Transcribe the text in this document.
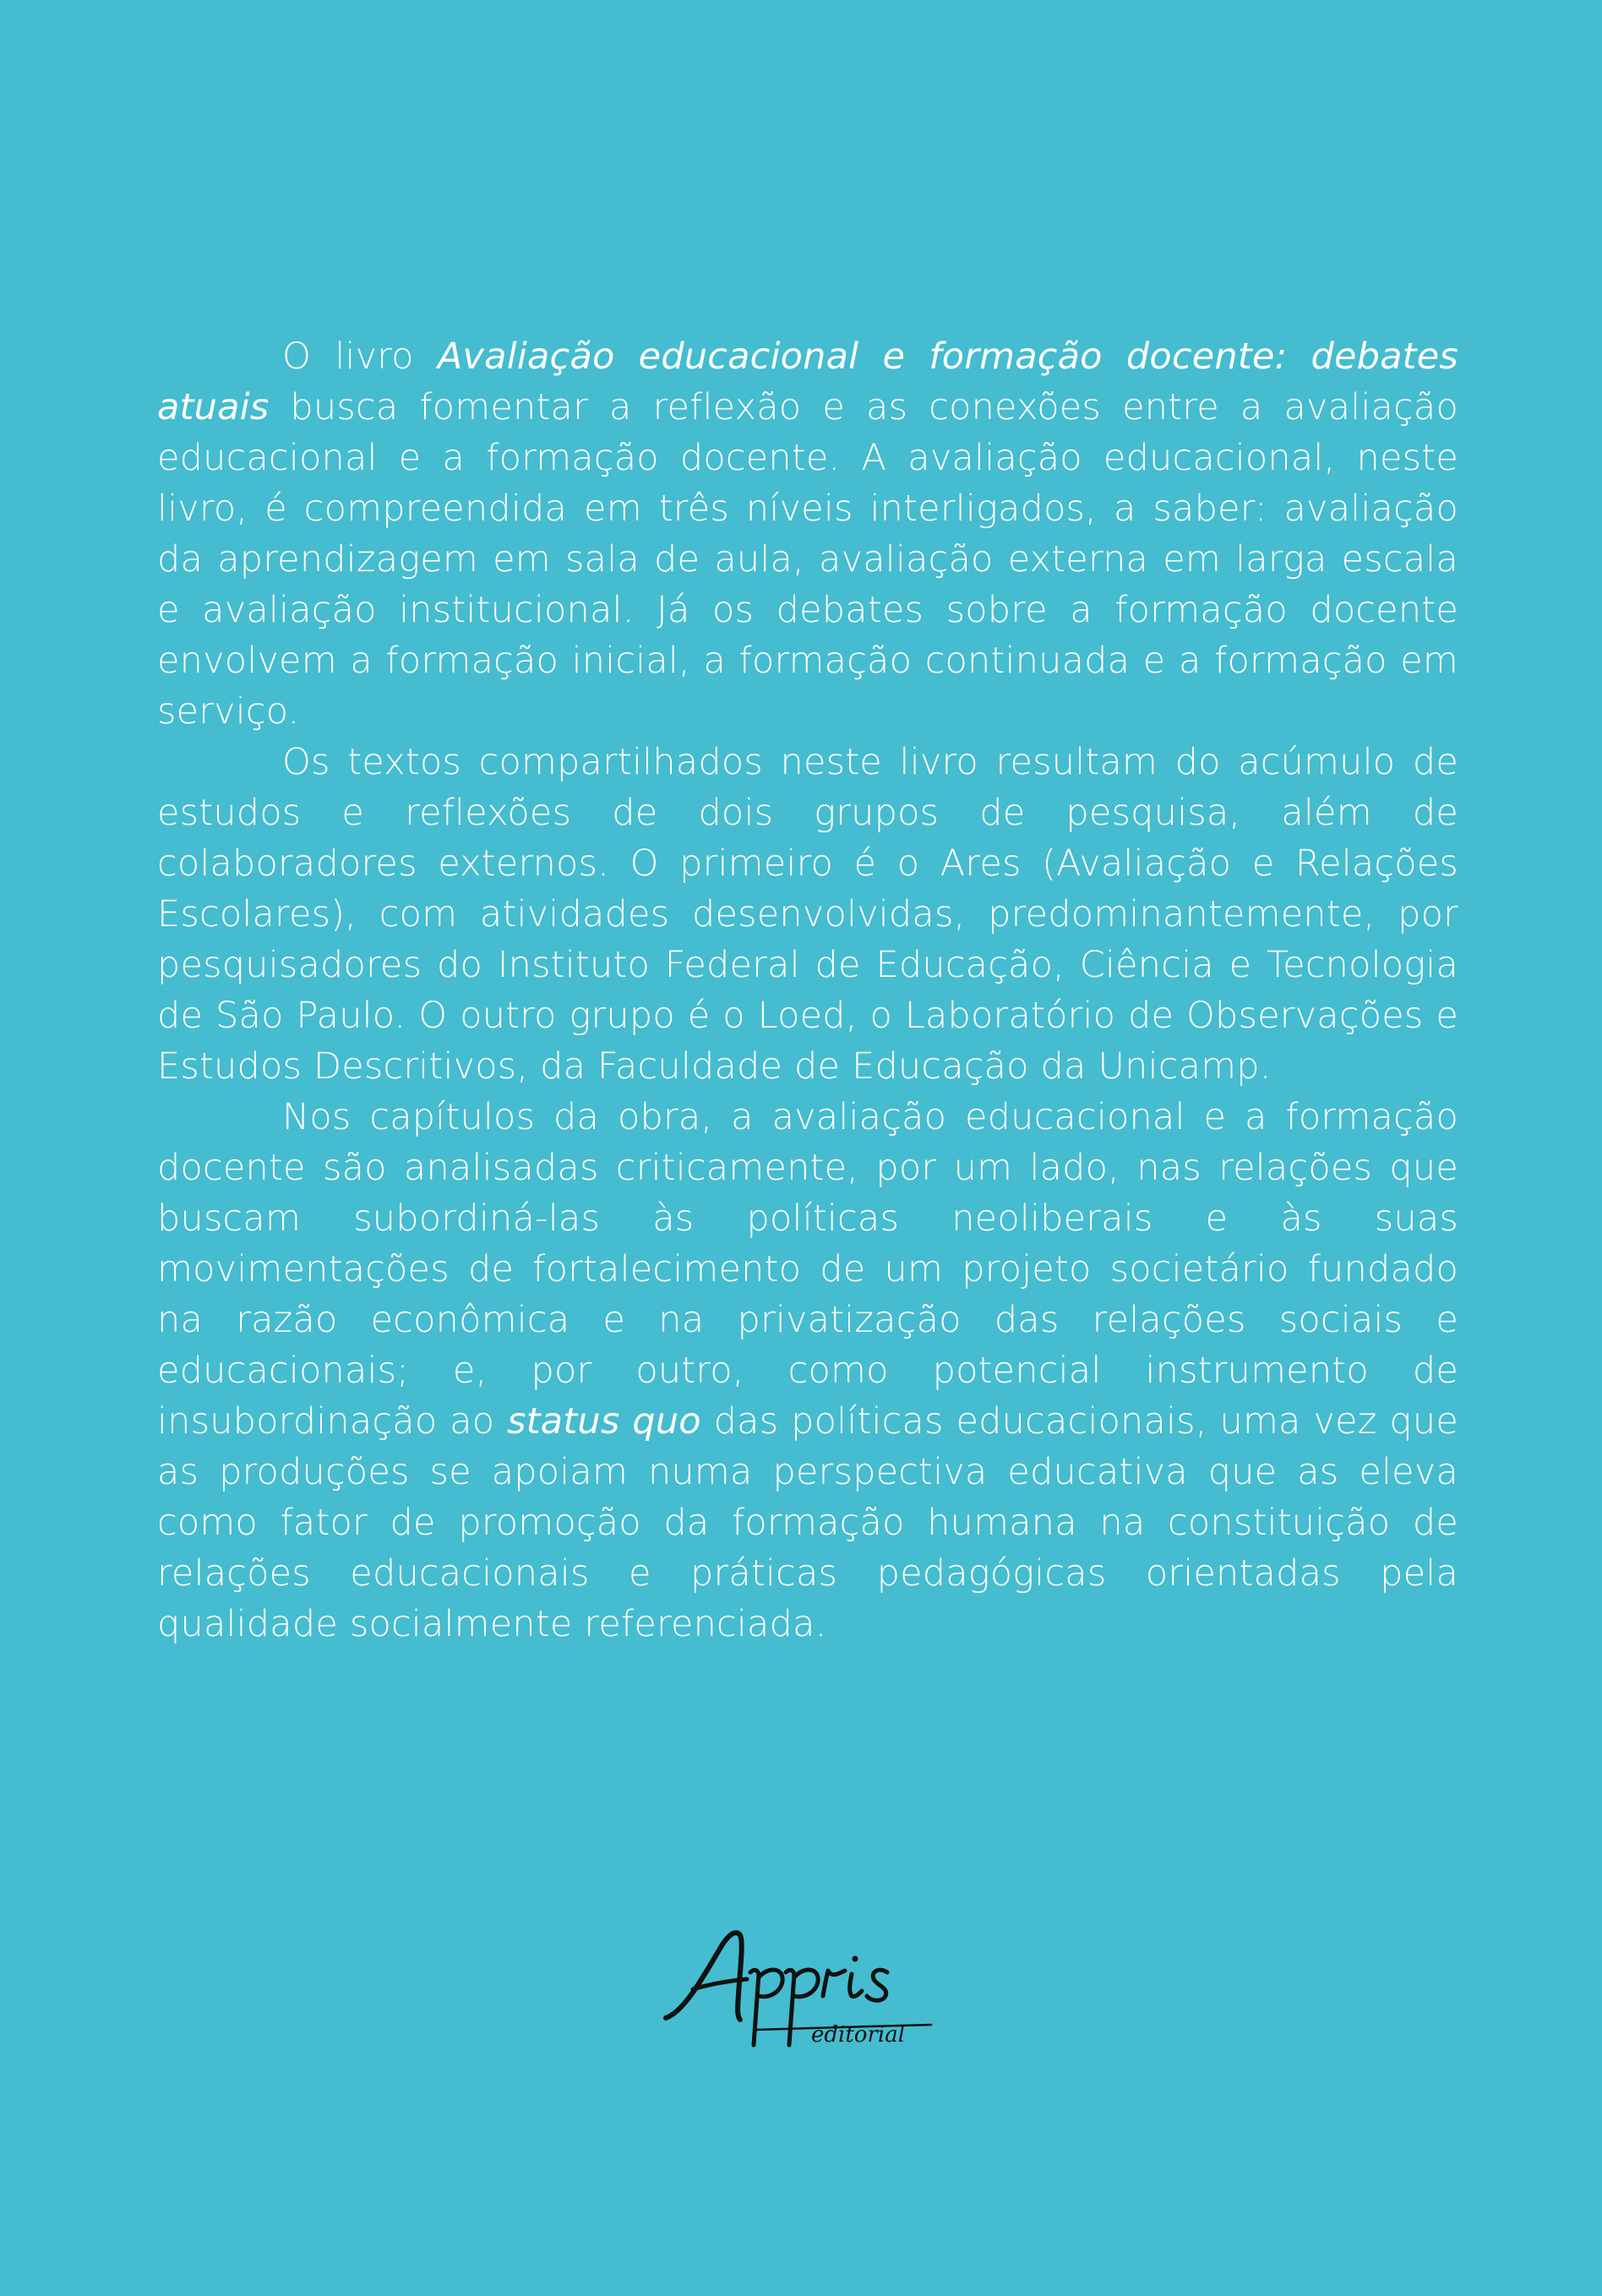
O livro Avaliação educacional e formação docente: debates atuais busca fomentar a reflexão e as conexões entre a avaliação educacional e a formação docente. A avaliação educacional, neste livro, é compreendida em três níveis interligados, a saber: avaliação da aprendizagem em sala de aula, avaliação externa em larga escala e avaliação institucional. Já os debates sobre a formação docente envolvem a formação inicial, a formação continuada e a formação em serviço.

Os textos compartilhados neste livro resultam do acúmulo de estudos e reflexões de dois grupos de pesquisa, além de colaboradores externos. O primeiro é o Ares (Avaliação e Relações Escolares), com atividades desenvolvidas, predominantemente, por pesquisadores do Instituto Federal de Educação, Ciência e Tecnologia de São Paulo. O outro grupo é o Loed, o Laboratório de Observações e Estudos Descritivos, da Faculdade de Educação da Unicamp.

Nos capítulos da obra, a avaliação educacional e a formação docente são analisadas criticamente, por um lado, nas relações que buscam subordiná-las às políticas neoliberais e às suas movimentações de fortalecimento de um projeto societário fundado na razão econômica e na privatização das relações sociais e educacionais; e, por outro, como potencial instrumento de insubordinação ao status quo das políticas educacionais, uma vez que as produções se apoiam numa perspectiva educativa que as eleva como fator de promoção da formação humana na constituição de relações educacionais e práticas pedagógicas orientadas pela qualidade socialmente referenciada.

editorial
